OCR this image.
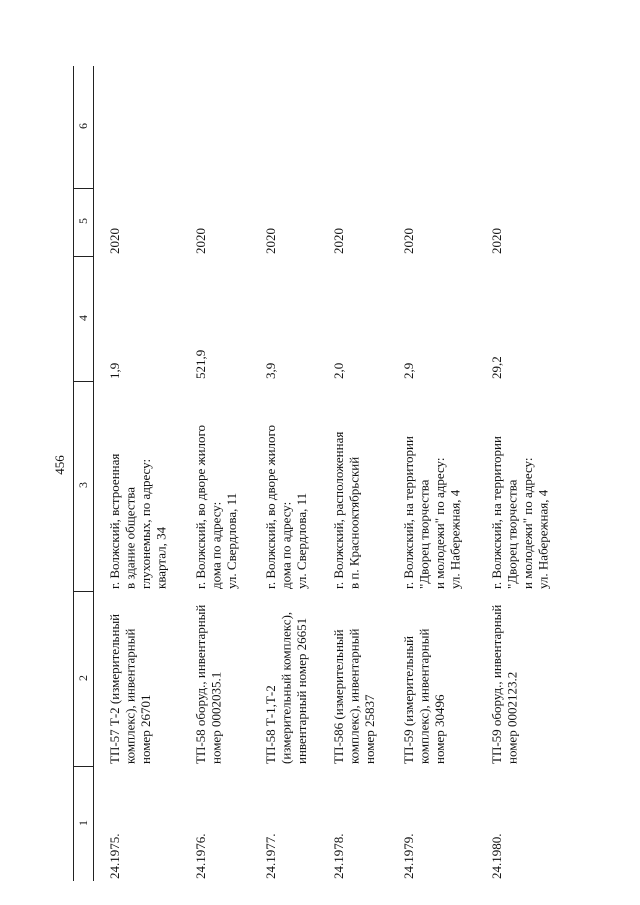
456
1
2
3
4
5
6
24.1975.
ТП-57 Т-2 (измерительный
комплекс), инвентарный
номер 26701
г. Волжский, встроенная
в здание общества
глухонемых, по адресу:
квартал, 34
1,9
2020
24.1976.
ТП-58 оборуд., инвентарный
номер 0002035.1
г. Волжский, во дворе жилого
дома по адресу:
ул. Свердлова, 11
521,9
2020
24.1977.
ТП-58 Т-1,Т-2
(измерительный комплекс),
инвентарный номер 26651
г. Волжский, во дворе жилого
дома по адресу:
ул. Свердлова, 11
3,9
2020
24.1978.
ТП-586 (измерительный
комплекс), инвентарный
номер 25837
г. Волжский, расположенная
в п. Краснооктябрьский
2,0
2020
24.1979.
ТП-59 (измерительный
комплекс), инвентарный
номер 30496
г. Волжский, на территории
"Дворец творчества
и молодежи" по адресу:
ул. Набережная, 4
2,9
2020
24.1980.
ТП-59 оборуд., инвентарный
номер 0002123.2
г. Волжский, на территории
"Дворец творчества
и молодежи" по адресу:
ул. Набережная, 4
29,2
2020
